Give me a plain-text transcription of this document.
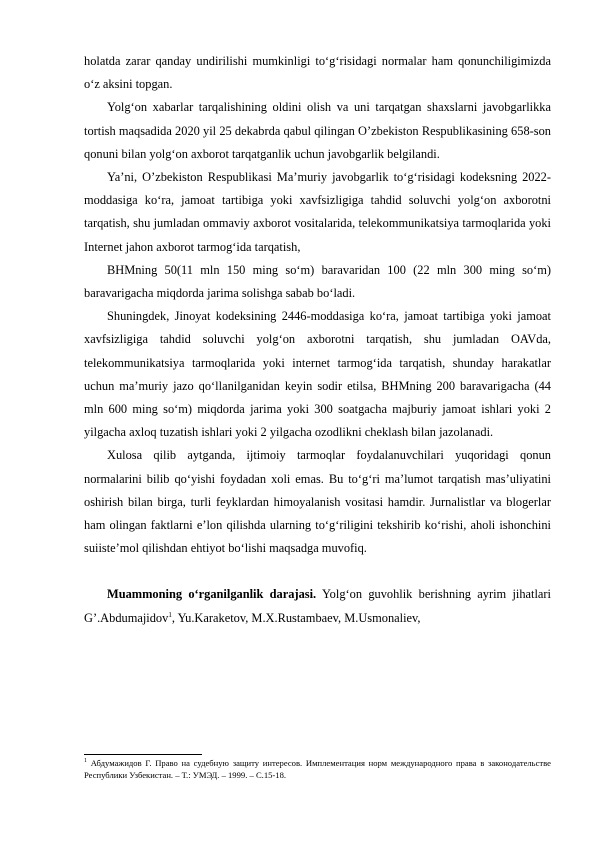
holatda zarar qanday undirilishi mumkinligi to‘g‘risidagi normalar ham qonunchiligimizda o‘z aksini topgan.

Yolg‘on xabarlar tarqalishining oldini olish va uni tarqatgan shaxslarni javobgarlikka tortish maqsadida 2020 yil 25 dekabrda qabul qilingan O’zbekiston Respublikasining 658-son qonuni bilan yolg‘on axborot tarqatganlik uchun javobgarlik belgilandi.

Ya’ni, O’zbekiston Respublikasi Ma’muriy javobgarlik to‘g‘risidagi kodeksning 2022-moddasiga ko‘ra, jamoat tartibiga yoki xavfsizligiga tahdid soluvchi yolg‘on axborotni tarqatish, shu jumladan ommaviy axborot vositalarida, telekommunikatsiya tarmoqlarida yoki Internet jahon axborot tarmog‘ida tarqatish,

BHMning 50(11 mln 150 ming so‘m) baravaridan 100 (22 mln 300 ming so‘m) baravarigacha miqdorda jarima solishga sabab bo‘ladi.

Shuningdek, Jinoyat kodeksining 2446-moddasiga ko‘ra, jamoat tartibiga yoki jamoat xavfsizligiga tahdid soluvchi yolg‘on axborotni tarqatish, shu jumladan OAVda, telekommunikatsiya tarmoqlarida yoki internet tarmog‘ida tarqatish, shunday harakatlar uchun ma’muriy jazo qo‘llanilganidan keyin sodir etilsa, BHMning 200 baravarigacha (44 mln 600 ming so‘m) miqdorda jarima yoki 300 soatgacha majburiy jamoat ishlari yoki 2 yilgacha axloq tuzatish ishlari yoki 2 yilgacha ozodlikni cheklash bilan jazolanadi.

Xulosa qilib aytganda, ijtimoiy tarmoqlar foydalanuvchilari yuqoridagi qonun normalarini bilib qo‘yishi foydadan xoli emas. Bu to‘g‘ri ma’lumot tarqatish mas’uliyatini oshirish bilan birga, turli feyklardan himoyalanish vositasi hamdir. Jurnalistlar va blogerlar ham olingan faktlarni e’lon qilishda ularning to‘g‘riligini tekshirib ko‘rishi, aholi ishonchini suiiste’mol qilishdan ehtiyot bo‘lishi maqsadga muvofiq.

Muammoning o‘rganilganlik darajasi. Yolg‘on guvohlik berishning ayrim jihatlari G’.Abdumajidov$^1$, Yu.Karaketov, M.X.Rustambaev, M.Usmonaliev,

$^1$ Абдумажидов Г. Право на судебную защиту интересов. Имплементация норм международного права в законодательстве Республики Узбекистан. – Т.: УМЭД. – 1999. – С.15-18.
